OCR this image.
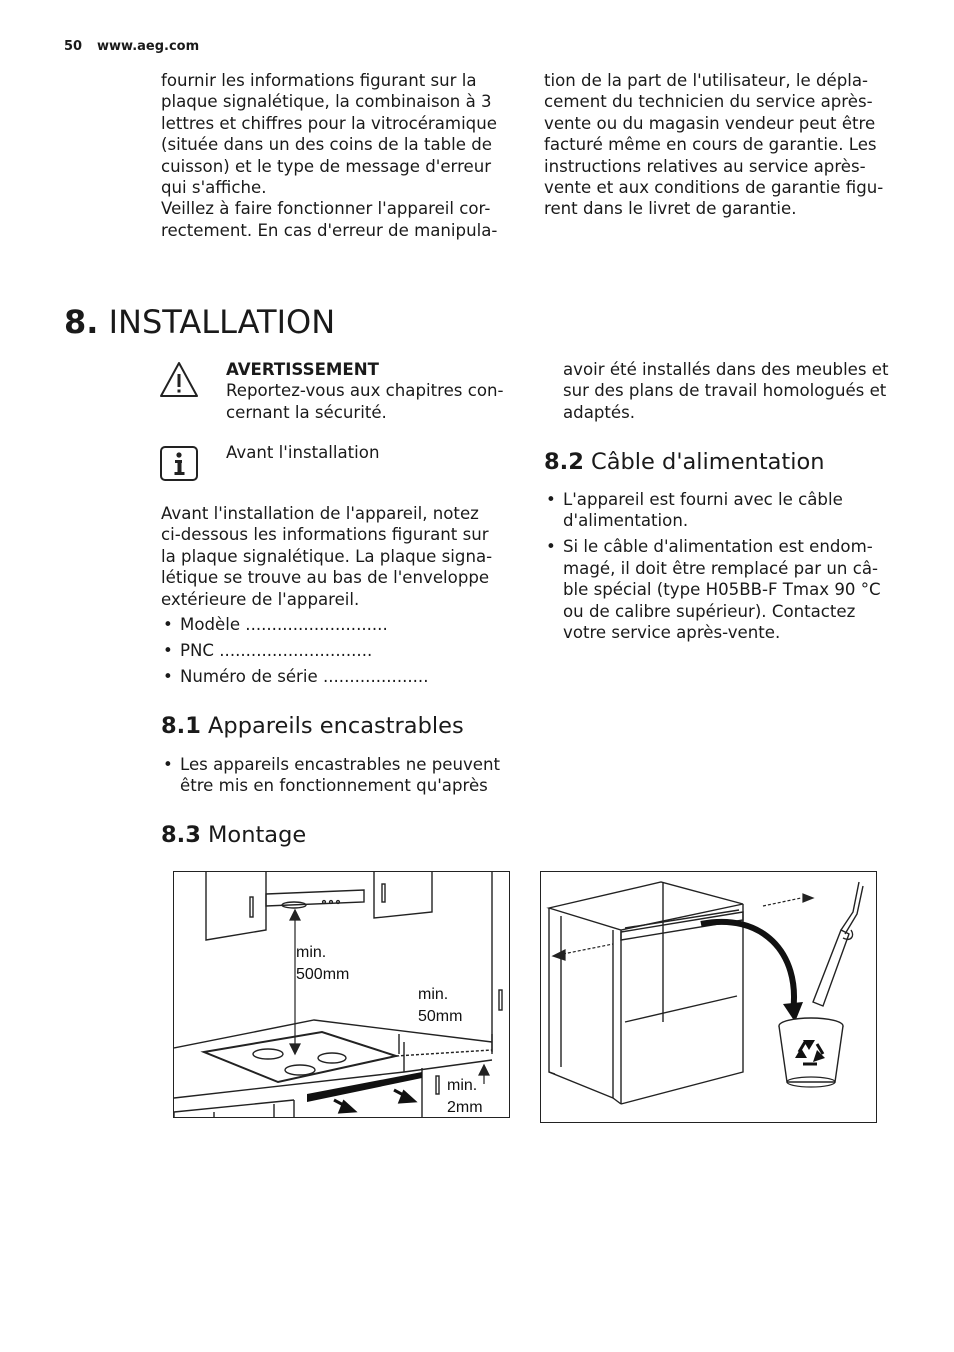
50 www.aeg.com
fournir les informations figurant sur la
plaque signalétique, la combinaison à 3
lettres et chiffres pour la vitrocéramique
(située dans un des coins de la table de
cuisson) et le type de message d'erreur
qui s'affiche.
Veillez à faire fonctionner l'appareil cor-
rectement. En cas d'erreur de manipula-
tion de la part de l'utilisateur, le dépla-
cement du technicien du service après-
vente ou du magasin vendeur peut être
facturé même en cours de garantie. Les
instructions relatives au service après-
vente et aux conditions de garantie figu-
rent dans le livret de garantie.
8. INSTALLATION
AVERTISSEMENT
Reportez-vous aux chapitres con-
cernant la sécurité.
Avant l'installation
Avant l'installation de l'appareil, notez
ci-dessous les informations figurant sur
la plaque signalétique. La plaque signa-
létique se trouve au bas de l'enveloppe
extérieure de l'appareil.
• Modèle ...........................
• PNC .............................
• Numéro de série ....................
8.1 Appareils encastrables
• Les appareils encastrables ne peuvent
être mis en fonctionnement qu'après
avoir été installés dans des meubles et
sur des plans de travail homologués et
adaptés.
8.2 Câble d'alimentation
• L'appareil est fourni avec le câble
d'alimentation.
• Si le câble d'alimentation est endom-
magé, il doit être remplacé par un câ-
ble spécial (type H05BB-F Tmax 90 °C
ou de calibre supérieur). Contactez
votre service après-vente.
8.3 Montage
min.
500mm
min.
50mm
min.
2mm
